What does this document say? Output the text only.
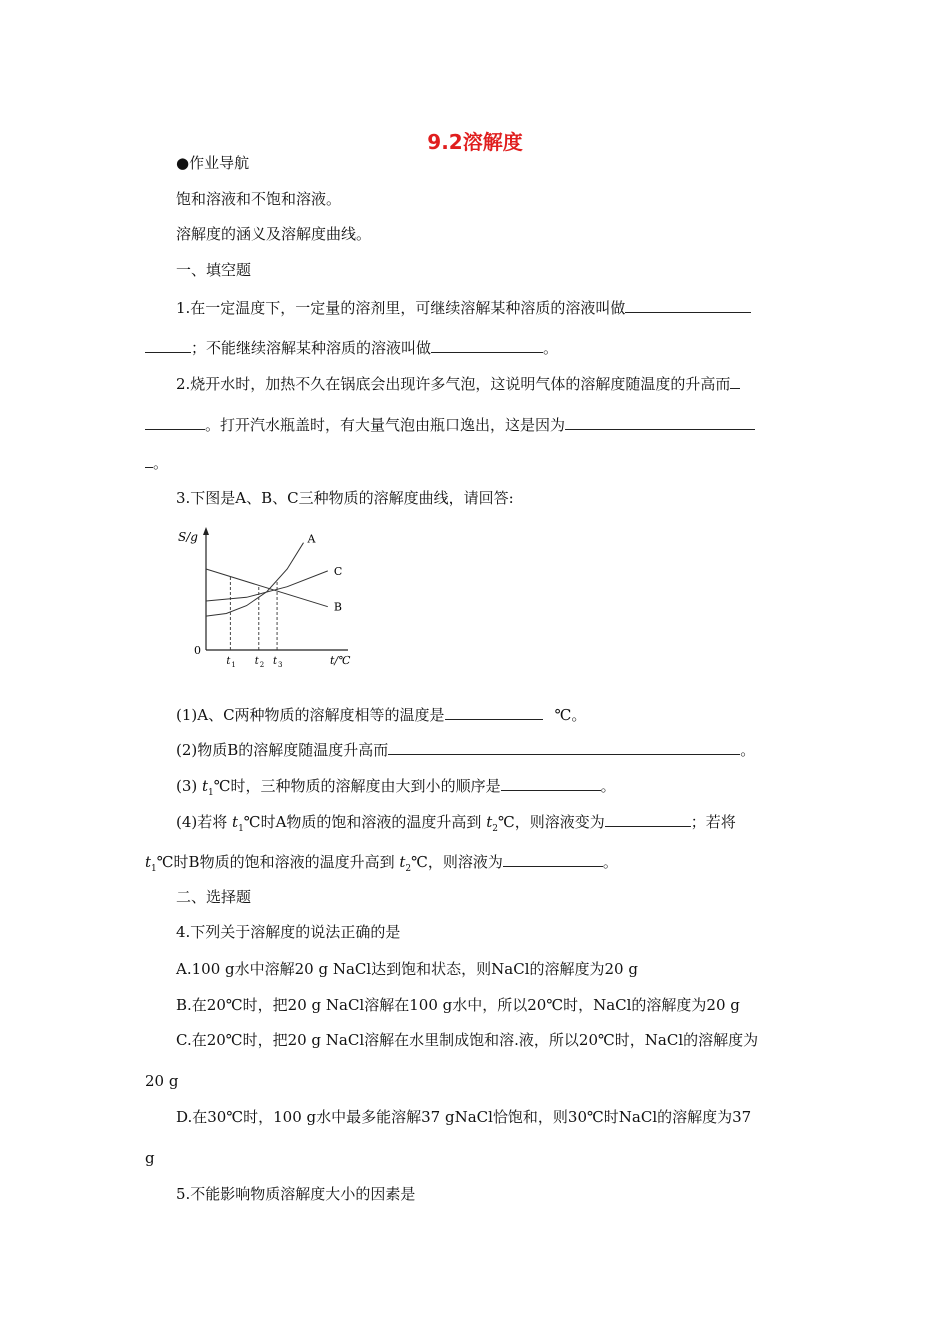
9.2溶解度
●作业导航
饱和溶液和不饱和溶液。
溶解度的涵义及溶解度曲线。
一、填空题
1.在一定温度下，一定量的溶剂里，可继续溶解某种溶质的溶液叫做
；不能继续溶解某种溶质的溶液叫做	。
2.烧开水时，加热不久在锅底会出现许多气泡，这说明气体的溶解度随温度的升高而
。打开汽水瓶盖时，有大量气泡由瓶口逸出，这是因为
。
3.下图是A、B、C三种物质的溶解度曲线，请回答:
S/g
t/℃
0
A
B
C
t 1 t 2 t 3
(1)A、C两种物质的溶解度相等的温度是	℃。
(2)物质B的溶解度随温度升高而	。
(3) $t_1℃$时，三种物质的溶解度由大到小的顺序是	。
(4)若将 $t_1℃$时A物质的饱和溶液的温度升高到 $t_2℃$，则溶液变为	；若将
$t_1℃$时B物质的饱和溶液的温度升高到 $t_2℃$，则溶液为	。
二、选择题
4.下列关于溶解度的说法正确的是
A.100 g水中溶解20 g NaCl达到饱和状态，则NaCl的溶解度为20 g
B.在20℃时，把20 g NaCl溶解在100 g水中，所以20℃时，NaCl的溶解度为20 g
C.在20℃时，把20 g NaCl溶解在水里制成饱和溶.液，所以20℃时，NaCl的溶解度为
20 g
D.在30℃时，100 g水中最多能溶解37 gNaCl恰饱和，则30℃时NaCl的溶解度为37
g
5.不能影响物质溶解度大小的因素是
